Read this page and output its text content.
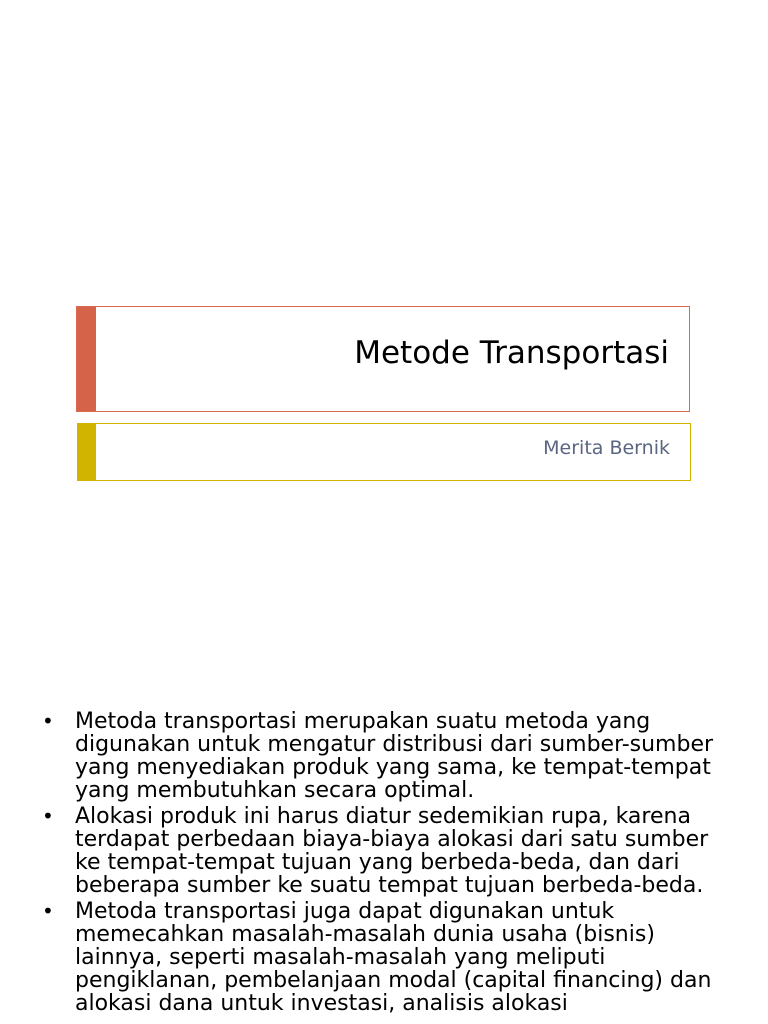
Metode Transportasi
Merita Bernik
• Metoda transportasi merupakan suatu metoda yang digunakan untuk mengatur distribusi dari sumber-sumber yang menyediakan produk yang sama, ke tempat-tempat yang membutuhkan secara optimal.
• Alokasi produk ini harus diatur sedemikian rupa, karena terdapat perbedaan biaya-biaya alokasi dari satu sumber ke tempat-tempat tujuan yang berbeda-beda, dan dari beberapa sumber ke suatu tempat tujuan berbeda-beda.
• Metoda transportasi juga dapat digunakan untuk memecahkan masalah-masalah dunia usaha (bisnis) lainnya, seperti masalah-masalah yang meliputi pengiklanan, pembelanjaan modal (capital financing) dan alokasi dana untuk investasi, analisis alokasi
